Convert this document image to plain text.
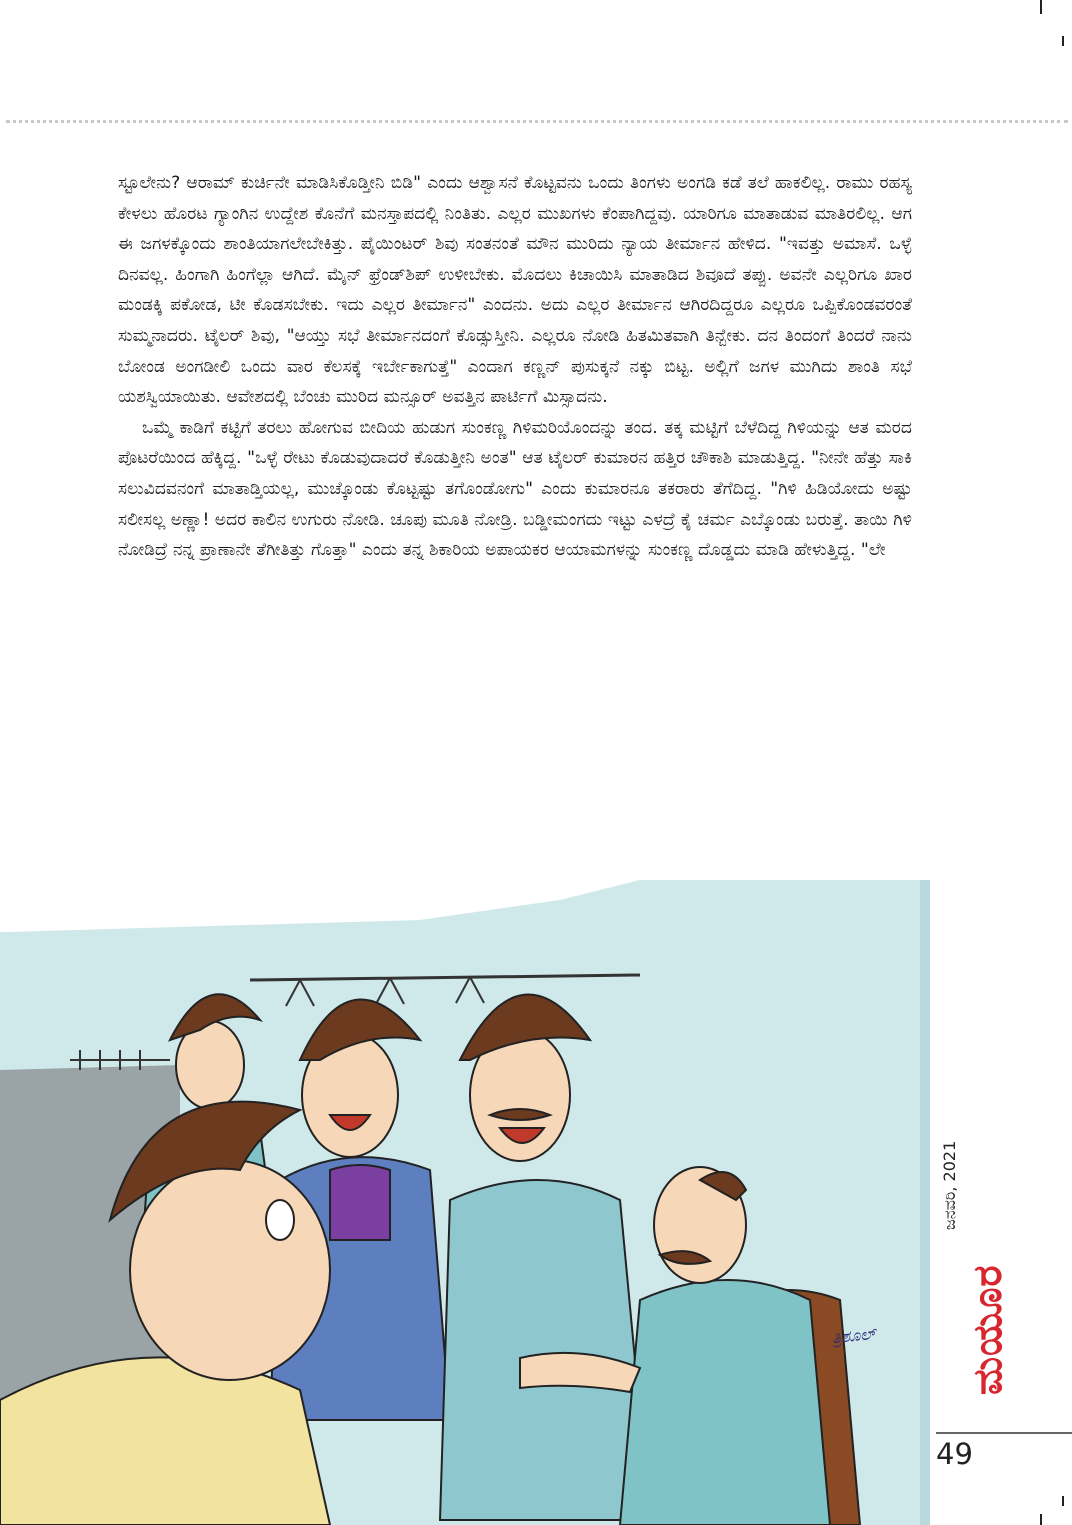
ಸ್ಟೂಲೇನು? ಆರಾಮ್ ಕುರ್ಚಿನೇ ಮಾಡಿಸಿಕೊಡ್ತೀನಿ ಬಿಡಿ" ಎಂದು ಆಶ್ವಾಸನೆ ಕೊಟ್ಟವನು ಒಂದು ತಿಂಗಳು ಅಂಗಡಿ ಕಡೆ ತಲೆ ಹಾಕಲಿಲ್ಲ. ರಾಮು ರಹಸ್ಯ ಕೇಳಲು ಹೊರಟ ಗ್ಯಾಂಗಿನ ಉದ್ದೇಶ ಕೊನೆಗೆ ಮನಸ್ತಾಪದಲ್ಲಿ ನಿಂತಿತು. ಎಲ್ಲರ ಮುಖಗಳು ಕೆಂಪಾಗಿದ್ದವು. ಯಾರಿಗೂ ಮಾತಾಡುವ ಮಾತಿರಲಿಲ್ಲ. ಆಗ ಈ ಜಗಳಕ್ಕೊಂದು ಶಾಂತಿಯಾಗಲೇಬೇಕಿತ್ತು. ಪೈಯಿಂಟರ್ ಶಿವು ಸಂತನಂತೆ ಮೌನ ಮುರಿದು ನ್ಯಾಯ ತೀರ್ಮಾನ ಹೇಳಿದ. "ಇವತ್ತು ಅಮಾಸೆ. ಒಳ್ಳೆ ದಿನವಲ್ಲ. ಹಿಂಗಾಗಿ ಹಿಂಗೆಲ್ಲಾ ಆಗಿದೆ. ಮೈನ್ ಫ್ರೆಂಡ್‌ಶಿಪ್ ಉಳೀಬೇಕು. ಮೊದಲು ಕಿಚಾಯಿಸಿ ಮಾತಾಡಿದ ಶಿವೂದೆ ತಪ್ಪು. ಅವನೇ ಎಲ್ಲರಿಗೂ ಖಾರ ಮಂಡಕ್ಕಿ ಪಕೋಡ, ಟೀ ಕೊಡಸಬೇಕು. ಇದು ಎಲ್ಲರ ತೀರ್ಮಾನ" ಎಂದನು. ಅದು ಎಲ್ಲರ ತೀರ್ಮಾನ ಆಗಿರದಿದ್ದರೂ ಎಲ್ಲರೂ ಒಪ್ಪಿಕೊಂಡವರಂತೆ ಸುಮ್ಮನಾದರು. ಟೈಲರ್ ಶಿವು, "ಆಯ್ತು ಸಭೆ ತೀರ್ಮಾನದಂಗೆ ಕೊಡ್ಸುಸ್ತೀನಿ. ಎಲ್ಲರೂ ನೋಡಿ ಹಿತಮಿತವಾಗಿ ತಿನ್ಬೇಕು. ದನ ತಿಂದಂಗೆ ತಿಂದರೆ ನಾನು ಬೋಂಡ ಅಂಗಡೀಲಿ ಒಂದು ವಾರ ಕೆಲಸಕ್ಕೆ ಇರ್ಬೇಕಾಗುತ್ತೆ" ಎಂದಾಗ ಕಣ್ಣನ್ ಪುಸುಕ್ಕನೆ ನಕ್ಕು ಬಿಟ್ಟ. ಅಲ್ಲಿಗೆ ಜಗಳ ಮುಗಿದು ಶಾಂತಿ ಸಭೆ ಯಶಸ್ವಿಯಾಯಿತು. ಆವೇಶದಲ್ಲಿ ಬೆಂಚು ಮುರಿದ ಮನ್ಸೂರ್ ಅವತ್ತಿನ ಪಾರ್ಟಿಗೆ ಮಿಸ್ಸಾದನು.

ಒಮ್ಮೆ ಕಾಡಿಗೆ ಕಟ್ಟಿಗೆ ತರಲು ಹೋಗುವ ಬೀದಿಯ ಹುಡುಗ ಸುಂಕಣ್ಣ ಗಿಳಿಮರಿಯೊಂದನ್ನು ತಂದ. ತಕ್ಕ ಮಟ್ಟಿಗೆ ಬೆಳೆದಿದ್ದ ಗಿಳಿಯನ್ನು ಆತ ಮರದ ಪೊಟರೆಯಿಂದ ಹೆಕ್ಕಿದ್ದ. "ಒಳ್ಳೆ ರೇಟು ಕೊಡುವುದಾದರೆ ಕೊಡುತ್ತೀನಿ ಅಂತ" ಆತ ಟೈಲರ್ ಕುಮಾರನ ಹತ್ತಿರ ಚೌಕಾಶಿ ಮಾಡುತ್ತಿದ್ದ. "ನೀನೇ ಹೆತ್ತು ಸಾಕಿ ಸಲುವಿದವನಂಗೆ ಮಾತಾಡ್ತಿಯಲ್ಲ, ಮುಚ್ಕೊಂಡು ಕೊಟ್ಟಷ್ಟು ತಗೊಂಡೋಗು" ಎಂದು ಕುಮಾರನೂ ತಕರಾರು ತೆಗೆದಿದ್ದ. "ಗಿಳಿ ಹಿಡಿಯೋದು ಅಷ್ಟು ಸಲೀಸಲ್ಲ ಅಣ್ಣಾ! ಅದರ ಕಾಲಿನ ಉಗುರು ನೋಡಿ. ಚೂಪು ಮೂತಿ ನೋಡ್ರಿ. ಬಡ್ಡೀಮಂಗದು ಇಟ್ಟು ಎಳದ್ರೆ ಕೈ ಚರ್ಮ ಎಬ್ಕೊಂಡು ಬರುತ್ತೆ. ತಾಯಿ ಗಿಳಿ ನೋಡಿದ್ರೆ ನನ್ನ ಪ್ರಾಣಾನೇ ತೆಗೀತಿತ್ತು ಗೊತ್ತಾ" ಎಂದು ತನ್ನ ಶಿಕಾರಿಯ ಅಪಾಯಕರ ಆಯಾಮಗಳನ್ನು ಸುಂಕಣ್ಣ ದೊಡ್ಡದು ಮಾಡಿ ಹೇಳುತ್ತಿದ್ದ. "ಲೇ

ತ್ರಿಶೂಲ್
ಜನವರಿ, 2021
ಮಯೂರ
49
